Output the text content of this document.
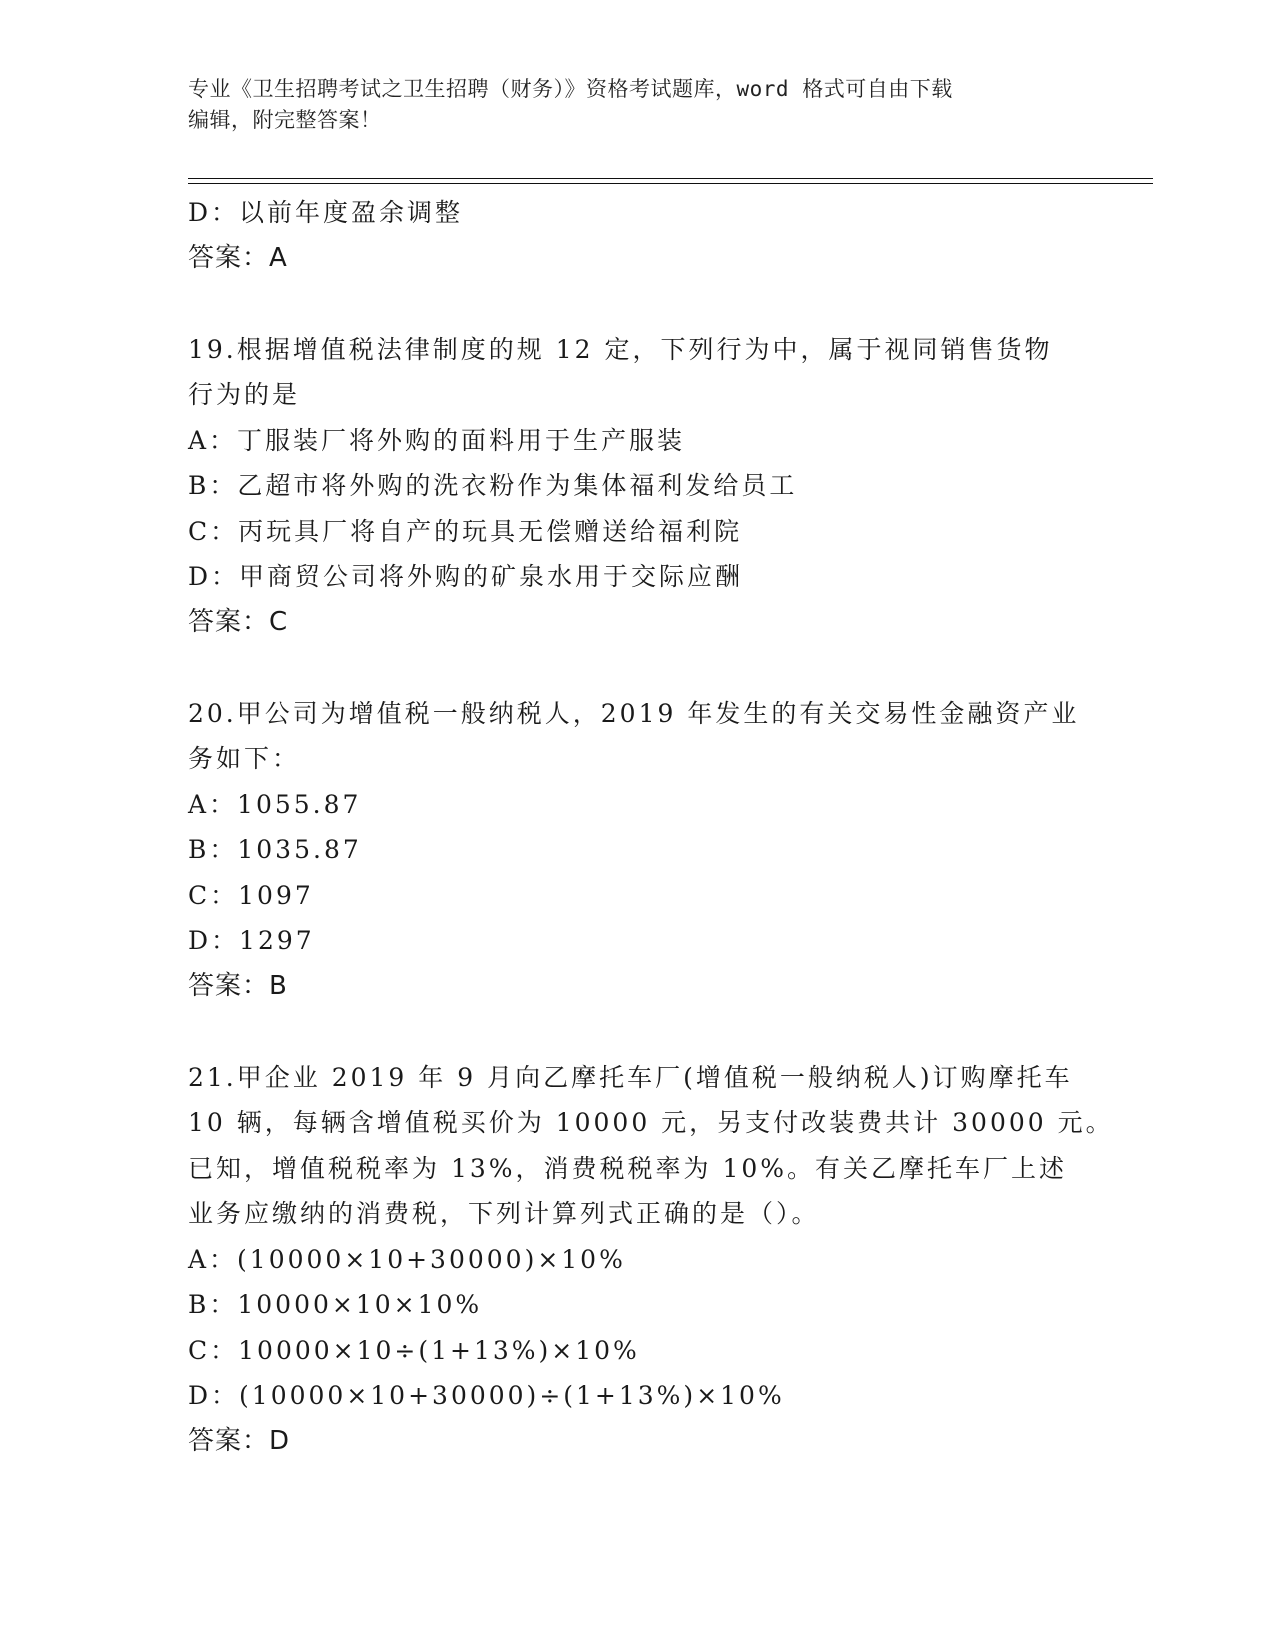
专业《卫生招聘考试之卫生招聘（财务）》资格考试题库，word 格式可自由下载
编辑，附完整答案！
D：以前年度盈余调整
答案：A
19.根据增值税法律制度的规 12 定，下列行为中，属于视同销售货物
行为的是
A：丁服装厂将外购的面料用于生产服装
B：乙超市将外购的洗衣粉作为集体福利发给员工
C：丙玩具厂将自产的玩具无偿赠送给福利院
D：甲商贸公司将外购的矿泉水用于交际应酬
答案：C
20.甲公司为增值税一般纳税人，2019 年发生的有关交易性金融资产业
务如下：
A：1055.87
B：1035.87
C：1097
D：1297
答案：B
21.甲企业 2019 年 9 月向乙摩托车厂(增值税一般纳税人)订购摩托车
10 辆，每辆含增值税买价为 10000 元，另支付改装费共计 30000 元。
已知，增值税税率为 13%，消费税税率为 10%。有关乙摩托车厂上述
业务应缴纳的消费税，下列计算列式正确的是（）。
A：(10000×10+30000)×10%
B：10000×10×10%
C：10000×10÷(1+13%)×10%
D：(10000×10+30000)÷(1+13%)×10%
答案：D
